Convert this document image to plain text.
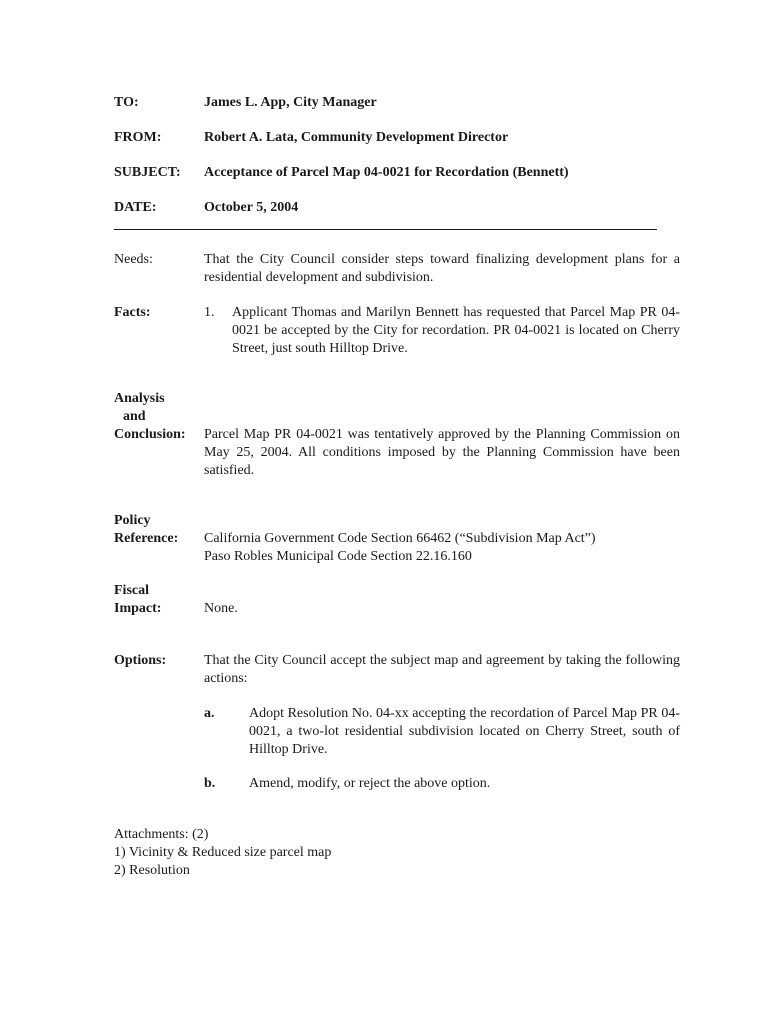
TO:	James L. App, City Manager
FROM:	Robert A. Lata, Community Development Director
SUBJECT: Acceptance of Parcel Map 04-0021 for Recordation (Bennett)
DATE:	October 5, 2004
Needs:	That the City Council consider steps toward finalizing development plans for a residential development and subdivision.
Facts:	1. Applicant Thomas and Marilyn Bennett has requested that Parcel Map PR 04-0021 be accepted by the City for recordation. PR 04-0021 is located on Cherry Street, just south Hilltop Drive.
Analysis
and
Conclusion:	Parcel Map PR 04-0021 was tentatively approved by the Planning Commission on May 25, 2004. All conditions imposed by the Planning Commission have been satisfied.
Policy
Reference:	California Government Code Section 66462 (“Subdivision Map Act”)
Paso Robles Municipal Code Section 22.16.160
Fiscal
Impact:	None.
Options:	That the City Council accept the subject map and agreement by taking the following actions:
a. Adopt Resolution No. 04-xx accepting the recordation of Parcel Map PR 04-0021, a two-lot residential subdivision located on Cherry Street, south of Hilltop Drive.
b. Amend, modify, or reject the above option.
Attachments: (2)
1) Vicinity & Reduced size parcel map
2) Resolution
